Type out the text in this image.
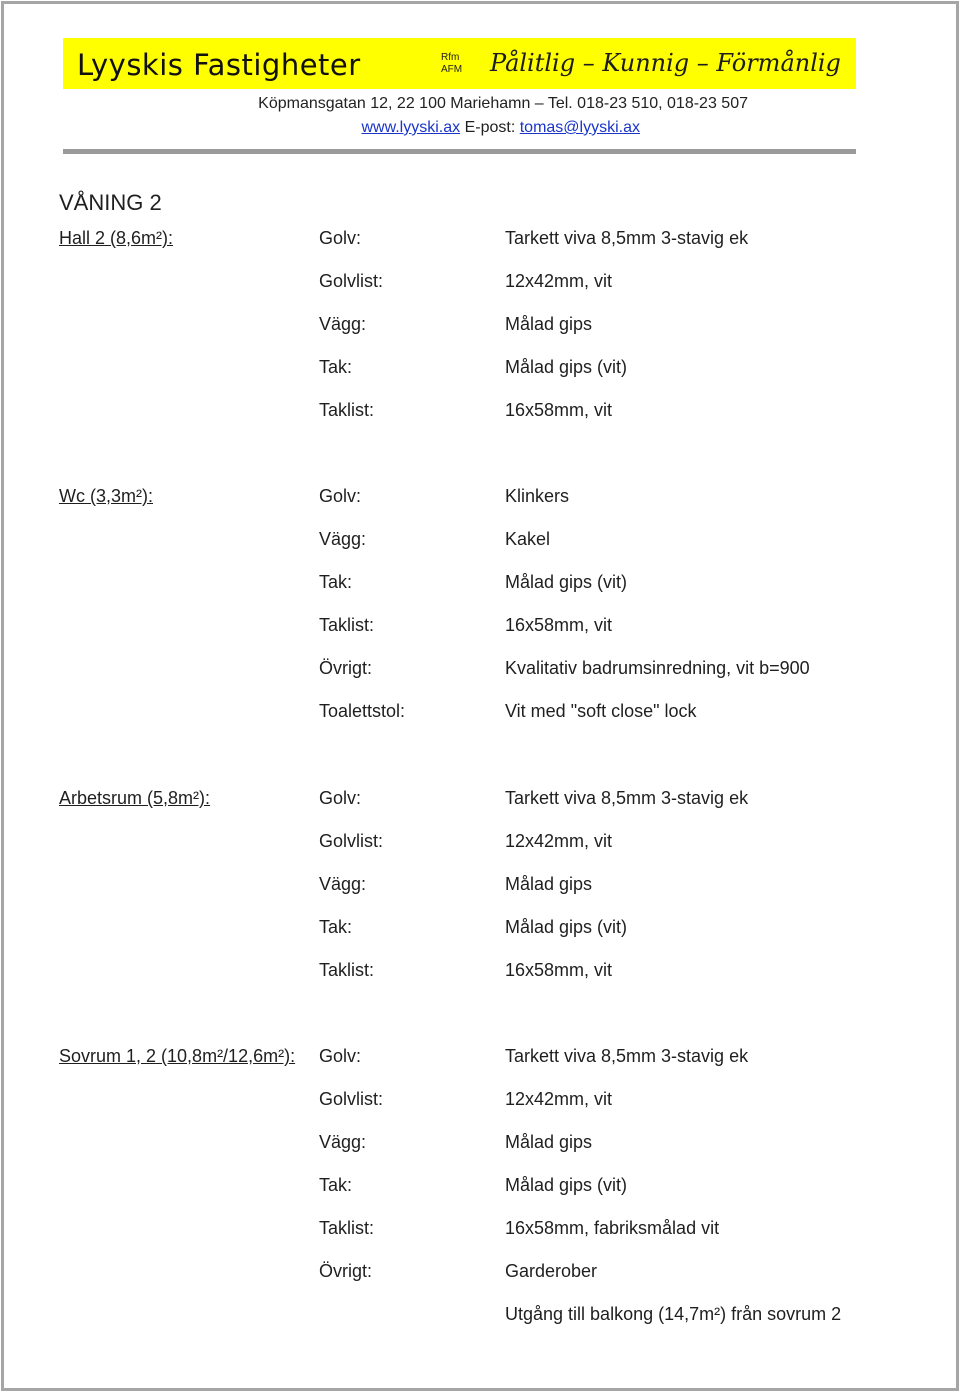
Lyyskis Fastigheter	Rfm
AFM Pålitlig – Kunnig – Förmånlig
Köpmansgatan 12, 22 100 Mariehamn – Tel. 018-23 510, 018-23 507
www.lyyski.ax E-post: tomas@lyyski.ax
VÅNING 2
Hall 2 (8,6m²):	Golv:	Tarkett viva 8,5mm 3-stavig ek
Golvlist:	12x42mm, vit
Vägg:	Målad gips
Tak:	Målad gips (vit)
Taklist:	16x58mm, vit
Wc (3,3m²):	Golv:	Klinkers
Vägg:	Kakel
Tak:	Målad gips (vit)
Taklist:	16x58mm, vit
Övrigt:	Kvalitativ badrumsinredning, vit b=900
Toalettstol:	Vit med "soft close" lock
Arbetsrum (5,8m²):	Golv:	Tarkett viva 8,5mm 3-stavig ek
Golvlist:	12x42mm, vit
Vägg:	Målad gips
Tak:	Målad gips (vit)
Taklist:	16x58mm, vit
Sovrum 1, 2 (10,8m²/12,6m²): Golv:	Tarkett viva 8,5mm 3-stavig ek
Golvlist:	12x42mm, vit
Vägg:	Målad gips
Tak:	Målad gips (vit)
Taklist:	16x58mm, fabriksmålad vit
Övrigt:	Garderober
Utgång till balkong (14,7m²) från sovrum 2
